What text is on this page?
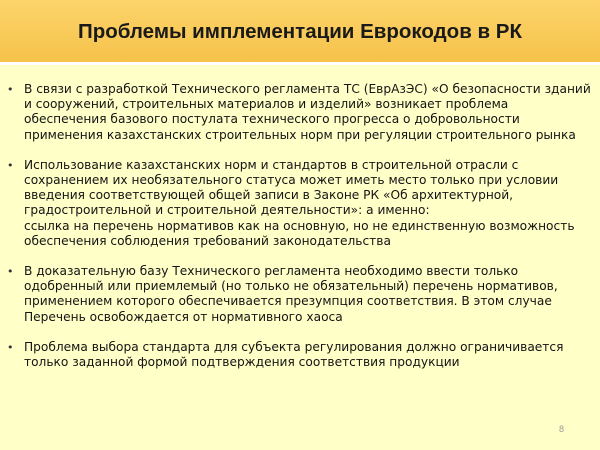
Проблемы имплементации Еврокодов в РК
• В связи с разработкой Технического регламента ТС (ЕврАзЭС) «О безопасности зданий и сооружений, строительных материалов и изделий» возникает проблема обеспечения базового постулата технического прогресса о добровольности применения казахстанских строительных норм при регуляции строительного рынка
• Использование казахстанских норм и стандартов в строительной отрасли с сохранением их необязательного статуса может иметь место только при условии введения соответствующей общей записи в Законе РК «Об архитектурной, градостроительной и строительной деятельности»: а именно:
ссылка на перечень нормативов как на основную, но не единственную возможность обеспечения соблюдения требований законодательства
• В доказательную базу Технического регламента необходимо ввести только одобренный или приемлемый (но только не обязательный) перечень нормативов, применением которого обеспечивается презумпция соответствия. В этом случае Перечень освобождается от нормативного хаоса
• Проблема выбора стандарта для субъекта регулирования должно ограничивается только заданной формой подтверждения соответствия продукции
8
